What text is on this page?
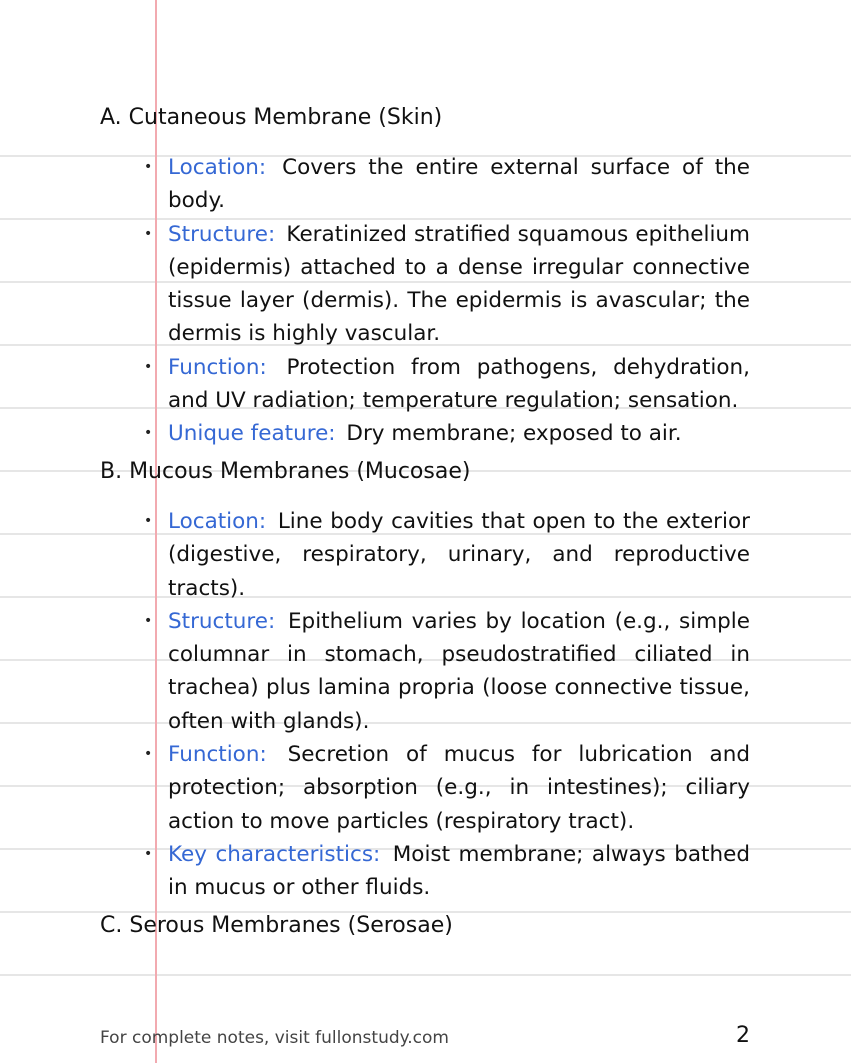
A. Cutaneous Membrane (Skin)
• Location: Covers the entire external surface of the body.
• Structure: Keratinized stratified squamous epithelium (epidermis) attached to a dense irregular connective tissue layer (dermis). The epidermis is avascular; the dermis is highly vascular.
• Function: Protection from pathogens, dehydration, and UV radiation; temperature regulation; sensation.
• Unique feature: Dry membrane; exposed to air.
B. Mucous Membranes (Mucosae)
• Location: Line body cavities that open to the exterior (digestive, respiratory, urinary, and reproductive tracts).
• Structure: Epithelium varies by location (e.g., simple columnar in stomach, pseudostratified ciliated in trachea) plus lamina propria (loose connective tissue, often with glands).
• Function: Secretion of mucus for lubrication and protection; absorption (e.g., in intestines); ciliary action to move particles (respiratory tract).
• Key characteristics: Moist membrane; always bathed in mucus or other fluids.
C. Serous Membranes (Serosae)
For complete notes, visit fullonstudy.com	2
